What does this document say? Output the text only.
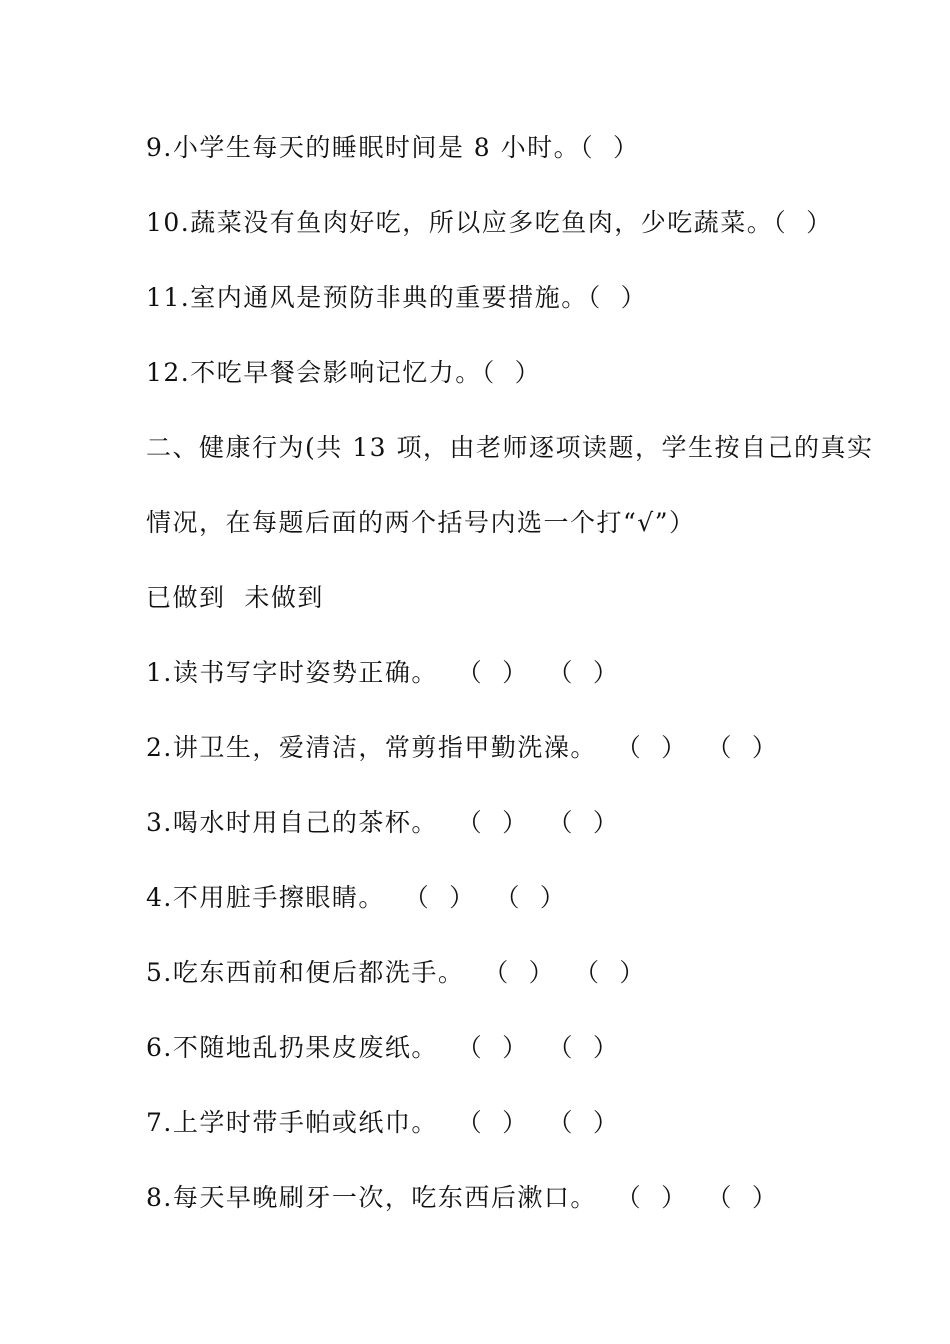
9.小学生每天的睡眠时间是 8 小时。（  ）
10.蔬菜没有鱼肉好吃，所以应多吃鱼肉，少吃蔬菜。（  ）
11.室内通风是预防非典的重要措施。（  ）
12.不吃早餐会影响记忆力。（  ）
二、健康行为(共 13 项，由老师逐项读题，学生按自己的真实
情况，在每题后面的两个括号内选一个打“√”）
已做到  未做到
1.读书写字时姿势正确。  （  ）  （  ）
2.讲卫生，爱清洁，常剪指甲勤洗澡。  （  ）  （  ）
3.喝水时用自己的茶杯。  （  ）  （  ）
4.不用脏手擦眼睛。  （  ）  （  ）
5.吃东西前和便后都洗手。  （  ）  （  ）
6.不随地乱扔果皮废纸。  （  ）  （  ）
7.上学时带手帕或纸巾。  （  ）  （  ）
8.每天早晚刷牙一次，吃东西后漱口。  （  ）  （  ）
